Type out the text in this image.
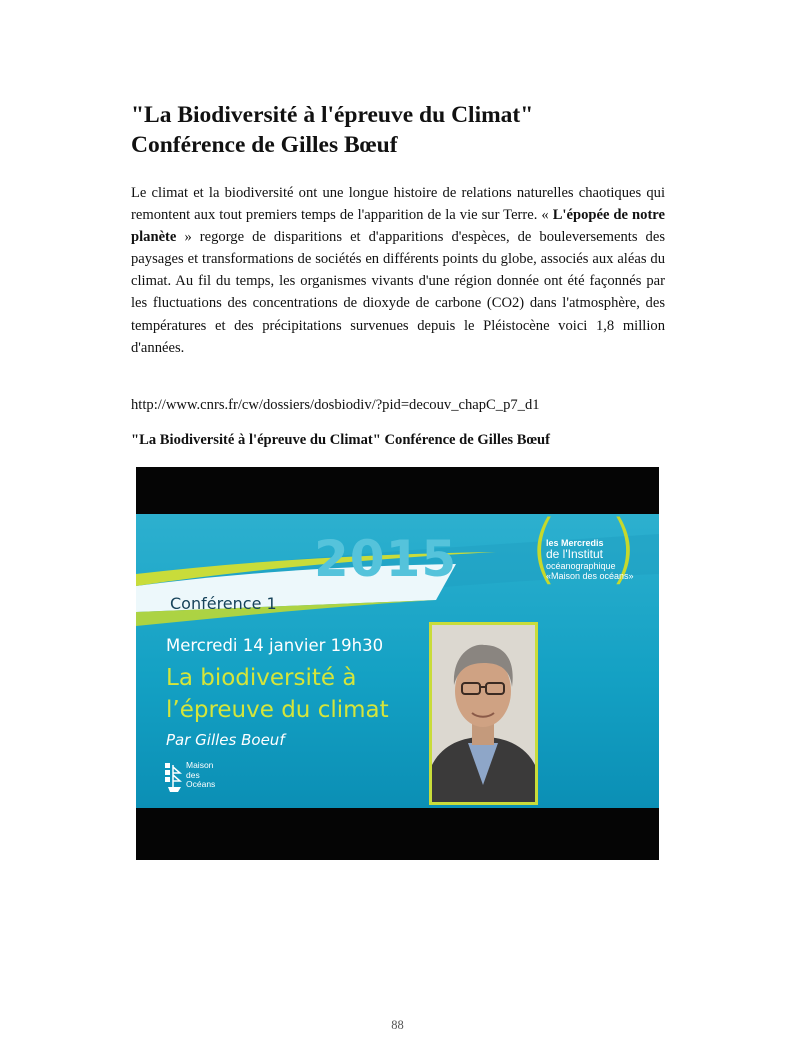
"La Biodiversité à l'épreuve du Climat"
Conférence de Gilles Bœuf

Le climat et la biodiversité ont une longue histoire de relations naturelles chaotiques qui remontent aux tout premiers temps de l'apparition de la vie sur Terre. « L'épopée de notre planète » regorge de disparitions et d'apparitions d'espèces, de bouleversements des paysages et transformations de sociétés en différents points du globe, associés aux aléas du climat. Au fil du temps, les organismes vivants d'une région donnée ont été façonnés par les fluctuations des concentrations de dioxyde de carbone (CO2) dans l'atmosphère, des températures et des précipitations survenues depuis le Pléistocène voici 1,8 million d'années.

http://www.cnrs.fr/cw/dossiers/dosbiodiv/?pid=decouv_chapC_p7_d1

"La Biodiversité à l'épreuve du Climat" Conférence de Gilles Bœuf

2015 ( )
les Mercredis
de l'Institut
océanographique
«Maison des océans»
Conférence 1
Mercredi 14 janvier 19h30
La biodiversité à
l’épreuve du climat
Par Gilles Boeuf
Maison
des
Océans
88
